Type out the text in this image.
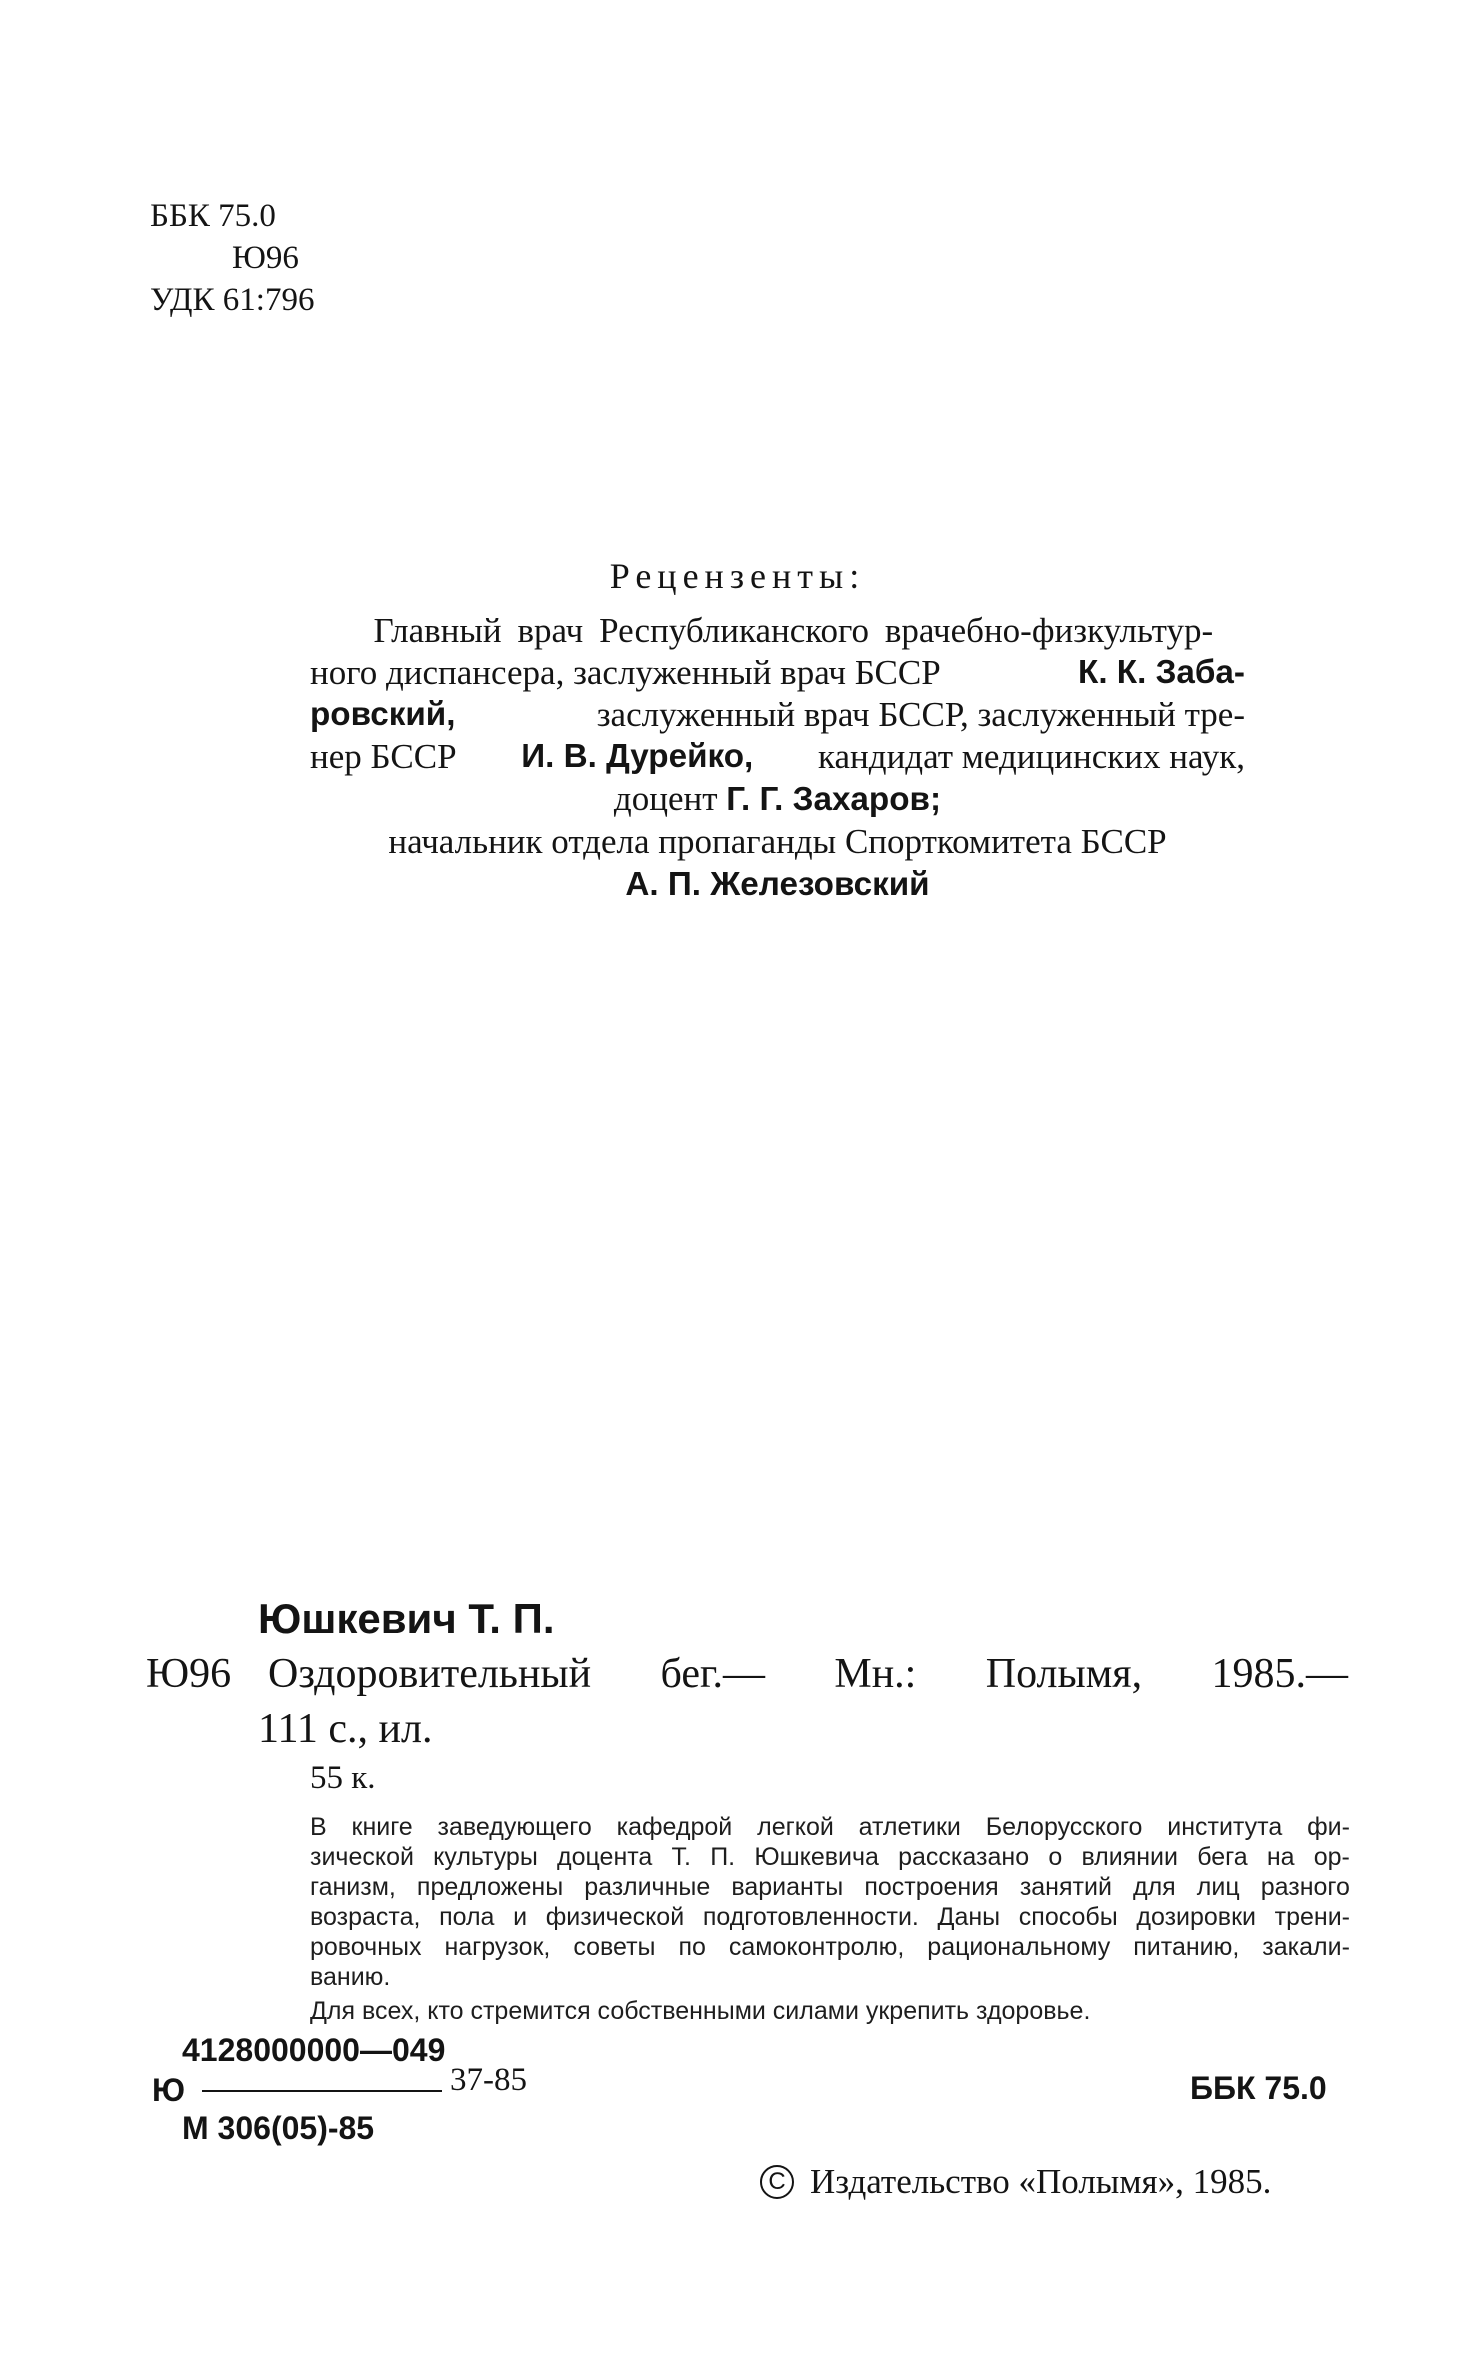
ББК 75.0
Ю96
УДК 61:796
Рецензенты:
Главный врач Республиканского врачебно-физкультур-
ного диспансера, заслуженный врач БССР	К. К. Заба-
ровский,	заслуженный врач БССР, заслуженный тре-
нер БССР И. В. Дурейко, кандидат медицинских наук,
доцент Г. Г. Захаров;
начальник отдела пропаганды Спорткомитета БССР
А. П. Железовский
Юшкевич Т. П.
Ю96 Оздоровительный бег.— Мн.: Полымя, 1985.—
111 с., ил.
55 к.
В книге заведующего кафедрой легкой атлетики Белорусского института фи-
зической культуры доцента Т. П. Юшкевича рассказано о влиянии бега на ор-
ганизм, предложены различные варианты построения занятий для лиц разного
возраста, пола и физической подготовленности. Даны способы дозировки трени-
ровочных нагрузок, советы по самоконтролю, рациональному питанию, закали-
ванию.
Для всех, кто стремится собственными силами укрепить здоровье.
4128000000—049
Ю	37-85
М 306(05)-85
ББК 75.0
C Издательство «Полымя», 1985.
